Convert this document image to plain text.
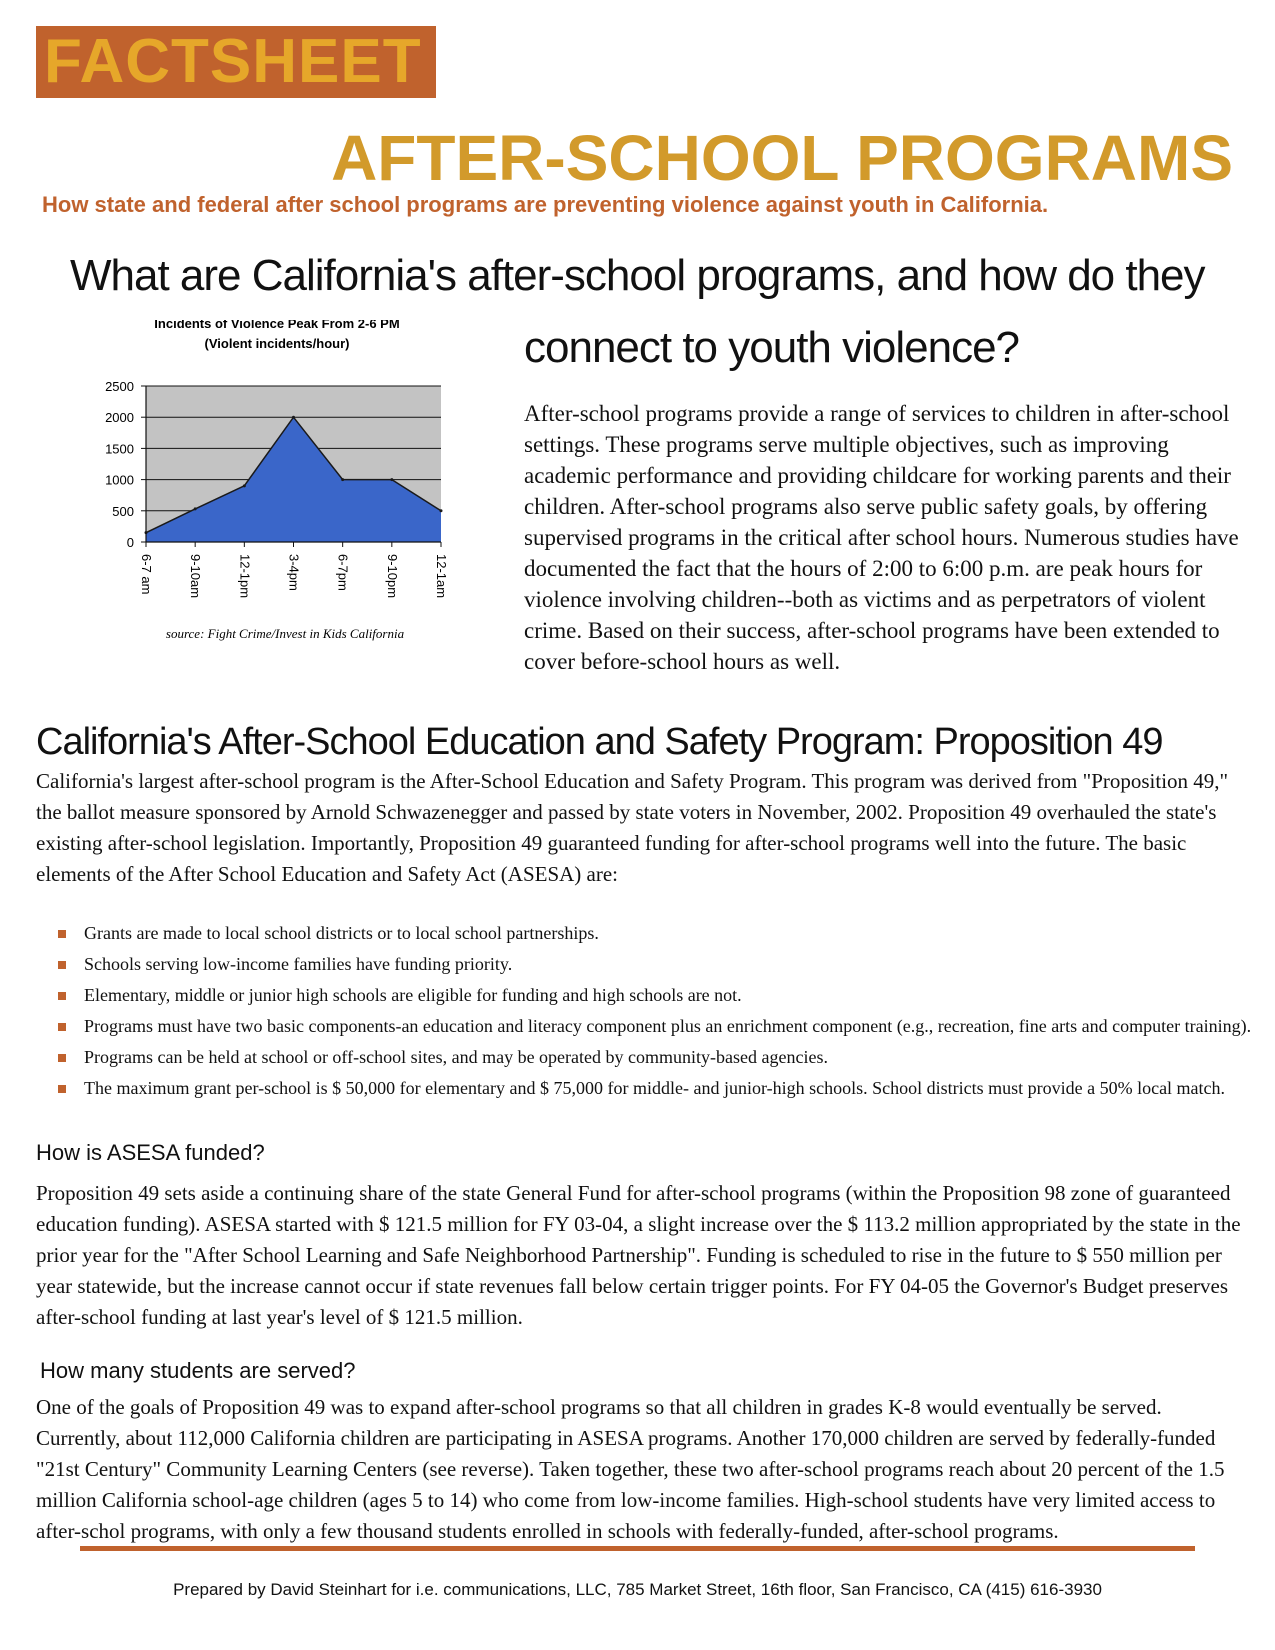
FACTSHEET
AFTER-SCHOOL PROGRAMS

How state and federal after school programs are preventing violence against youth in California.

What are California's after-school programs, and how do they
connect to youth violence?
Incidents of Violence Peak From 2-6 PM
(Violent incidents/hour)
0
500
1000
1500
2000
2500
6-7 am	9-10am	12-1pm	3-4pm	6-7pm	9-10pm	12-1am
source: Fight Crime/Invest in Kids California

After-school programs provide a range of services to children in after-school settings. These programs serve multiple objectives, such as improving academic performance and providing childcare for working parents and their children. After-school programs also serve public safety goals, by offering supervised programs in the critical after school hours. Numerous studies have documented the fact that the hours of 2:00 to 6:00 p.m. are peak hours for violence involving children--both as victims and as perpetrators of violent crime. Based on their success, after-school programs have been extended to cover before-school hours as well.

California's After-School Education and Safety Program: Proposition 49

California's largest after-school program is the After-School Education and Safety Program. This program was derived from "Proposition 49," the ballot measure sponsored by Arnold Schwazenegger and passed by state voters in November, 2002. Proposition 49 overhauled the state's existing after-school legislation. Importantly, Proposition 49 guaranteed funding for after-school programs well into the future. The basic elements of the After School Education and Safety Act (ASESA) are:

Grants are made to local school districts or to local school partnerships.
Schools serving low-income families have funding priority.
Elementary, middle or junior high schools are eligible for funding and high schools are not.
Programs must have two basic components-an education and literacy component plus an enrichment component (e.g., recreation, fine arts and computer training).
Programs can be held at school or off-school sites, and may be operated by community-based agencies.
The maximum grant per-school is $ 50,000 for elementary and $ 75,000 for middle- and junior-high schools. School districts must provide a 50% local match.
How is ASESA funded?

Proposition 49 sets aside a continuing share of the state General Fund for after-school programs (within the Proposition 98 zone of guaranteed education funding). ASESA started with $ 121.5 million for FY 03-04, a slight increase over the $ 113.2 million appropriated by the state in the prior year for the "After School Learning and Safe Neighborhood Partnership". Funding is scheduled to rise in the future to $ 550 million per year statewide, but the increase cannot occur if state revenues fall below certain trigger points. For FY 04-05 the Governor's Budget preserves after-school funding at last year's level of $ 121.5 million.

How many students are served?

One of the goals of Proposition 49 was to expand after-school programs so that all children in grades K-8 would eventually be served. Currently, about 112,000 California children are participating in ASESA programs. Another 170,000 children are served by federally-funded "21st Century" Community Learning Centers (see reverse). Taken together, these two after-school programs reach about 20 percent of the 1.5 million California school-age children (ages 5 to 14) who come from low-income families. High-school students have very limited access to after-schol programs, with only a few thousand students enrolled in schools with federally-funded, after-school programs.

Prepared by David Steinhart for i.e. communications, LLC, 785 Market Street, 16th floor, San Francisco, CA (415) 616-3930
